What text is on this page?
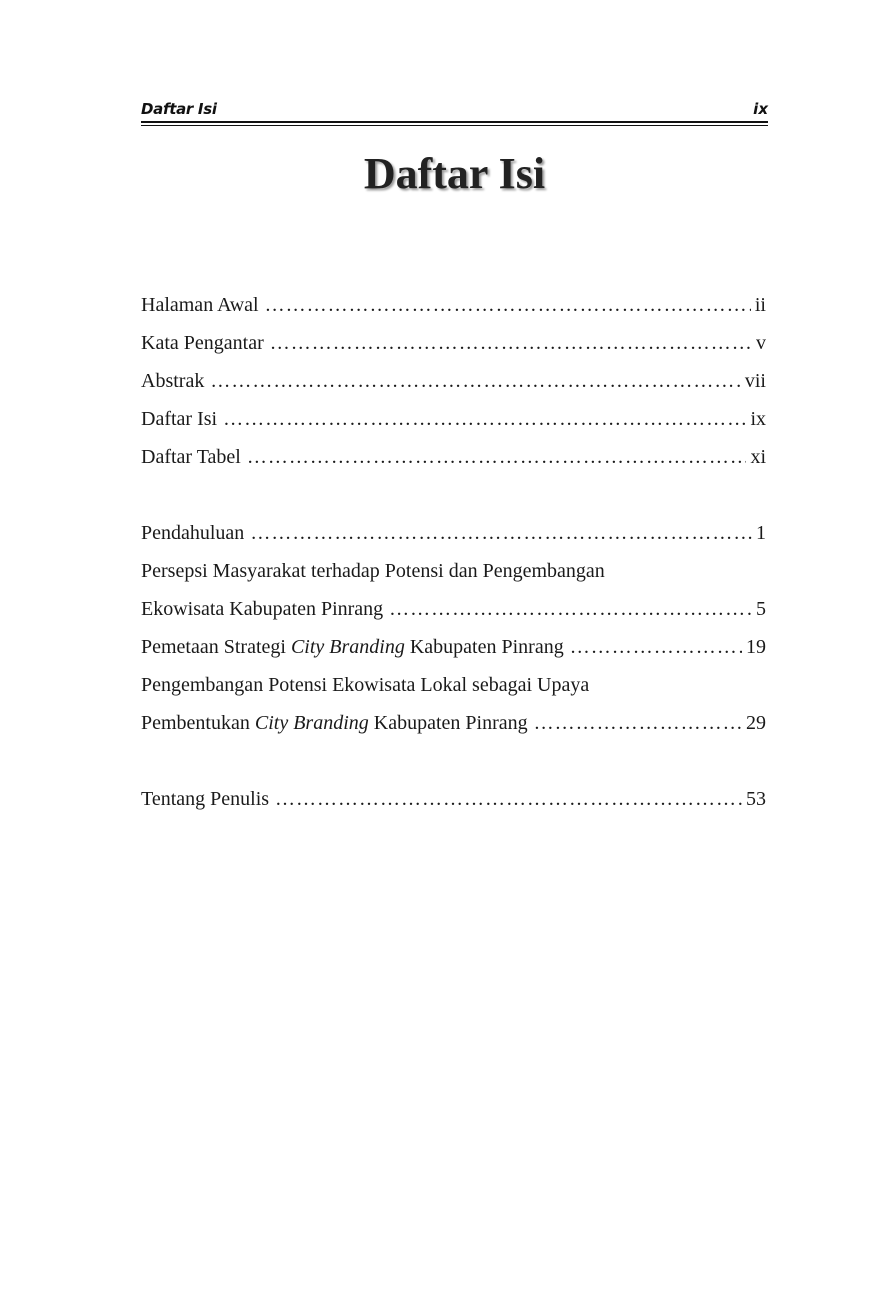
Daftar Isi	ix
Daftar Isi
Halaman Awal ………………………………………………………………………………………………………………………………………	ii
Kata Pengantar ………………………………………………………………………………………………………………………………………	v
Abstrak ………………………………………………………………………………………………………………………………………	vii
Daftar Isi ………………………………………………………………………………………………………………………………………	ix
Daftar Tabel ………………………………………………………………………………………………………………………………………	xi
Pendahuluan ………………………………………………………………………………………………………………………………………	1
Persepsi Masyarakat terhadap Potensi dan Pengembangan
Ekowisata Kabupaten Pinrang ………………………………………………………………………………………………………………………………………	5
Pemetaan Strategi City Branding Kabupaten Pinrang ………………………………………………………………………………………………………………………………………	19
Pengembangan Potensi Ekowisata Lokal sebagai Upaya
Pembentukan City Branding Kabupaten Pinrang ………………………………………………………………………………………………………………………………………	29
Tentang Penulis ………………………………………………………………………………………………………………………………………	53
